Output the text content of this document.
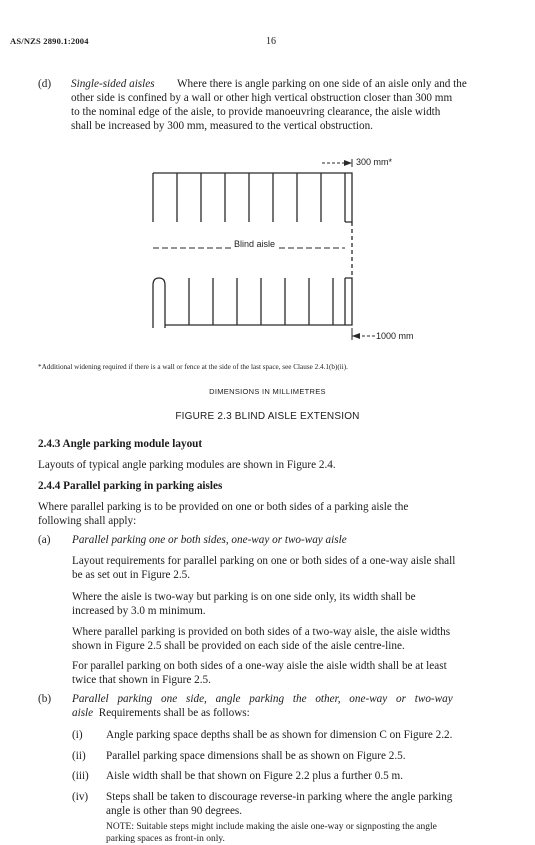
AS/NZS 2890.1:2004	16
(d) Single-sided aisles Where there is angle parking on one side of an aisle only and the
other side is confined by a wall or other high vertical obstruction closer than 300 mm
to the nominal edge of the aisle, to provide manoeuvring clearance, the aisle width
shall be increased by 300 mm, measured to the vertical obstruction.
300 mm*
Blind aisle
1000 mm
*Additional widening required if there is a wall or fence at the side of the last space, see Clause 2.4.1(b)(ii).
DIMENSIONS IN MILLIMETRES
FIGURE 2.3 BLIND AISLE EXTENSION
2.4.3 Angle parking module layout
Layouts of typical angle parking modules are shown in Figure 2.4.
2.4.4 Parallel parking in parking aisles
Where parallel parking is to be provided on one or both sides of a parking aisle the
following shall apply:
(a) Parallel parking one or both sides, one-way or two-way aisle
Layout requirements for parallel parking on one or both sides of a one-way aisle shall
be as set out in Figure 2.5.
Where the aisle is two-way but parking is on one side only, its width shall be
increased by 3.0 m minimum.
Where parallel parking is provided on both sides of a two-way aisle, the aisle widths
shown in Figure 2.5 shall be provided on each side of the aisle centre-line.
For parallel parking on both sides of a one-way aisle the aisle width shall be at least
twice that shown in Figure 2.5.
(b) Parallel parking one side, angle parking the other, one-way or two-way
aisle Requirements shall be as follows:
(i) Angle parking space depths shall be as shown for dimension C on Figure 2.2.
(ii) Parallel parking space dimensions shall be as shown on Figure 2.5.
(iii) Aisle width shall be that shown on Figure 2.2 plus a further 0.5 m.
(iv) Steps shall be taken to discourage reverse-in parking where the angle parking
angle is other than 90 degrees.
NOTE: Suitable steps might include making the aisle one-way or signposting the angle
parking spaces as front-in only.
